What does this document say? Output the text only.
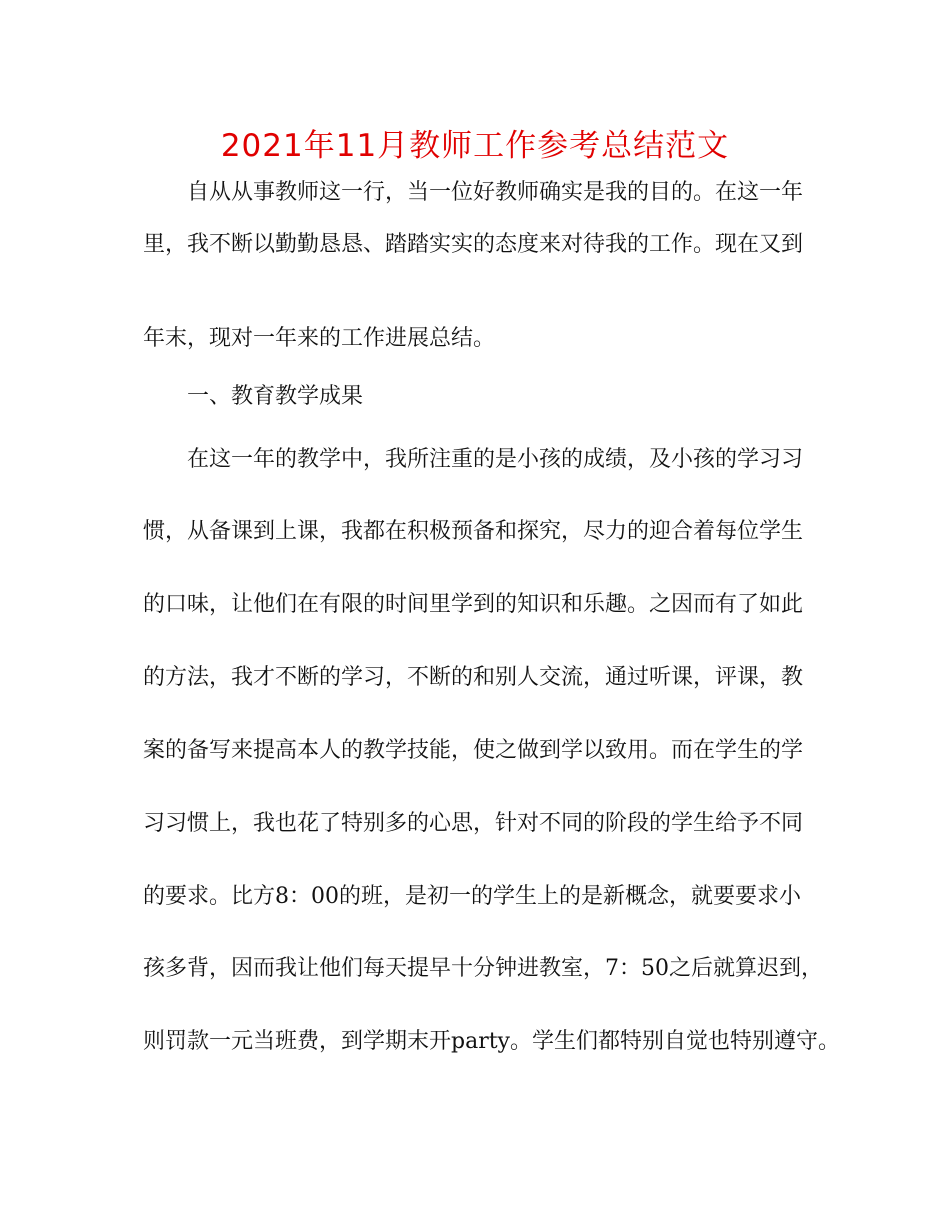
2021年11月教师工作参考总结范文
自从从事教师这一行，当一位好教师确实是我的目的。在这一年
里，我不断以勤勤恳恳、踏踏实实的态度来对待我的工作。现在又到
年末，现对一年来的工作进展总结。
一、教育教学成果
在这一年的教学中，我所注重的是小孩的成绩，及小孩的学习习
惯，从备课到上课，我都在积极预备和探究，尽力的迎合着每位学生
的口味，让他们在有限的时间里学到的知识和乐趣。之因而有了如此
的方法，我才不断的学习，不断的和别人交流，通过听课，评课，教
案的备写来提高本人的教学技能，使之做到学以致用。而在学生的学
习习惯上，我也花了特别多的心思，针对不同的阶段的学生给予不同
的要求。比方8：00的班，是初一的学生上的是新概念，就要要求小
孩多背，因而我让他们每天提早十分钟进教室，7：50之后就算迟到，
则罚款一元当班费，到学期末开party。学生们都特别自觉也特别遵守。
